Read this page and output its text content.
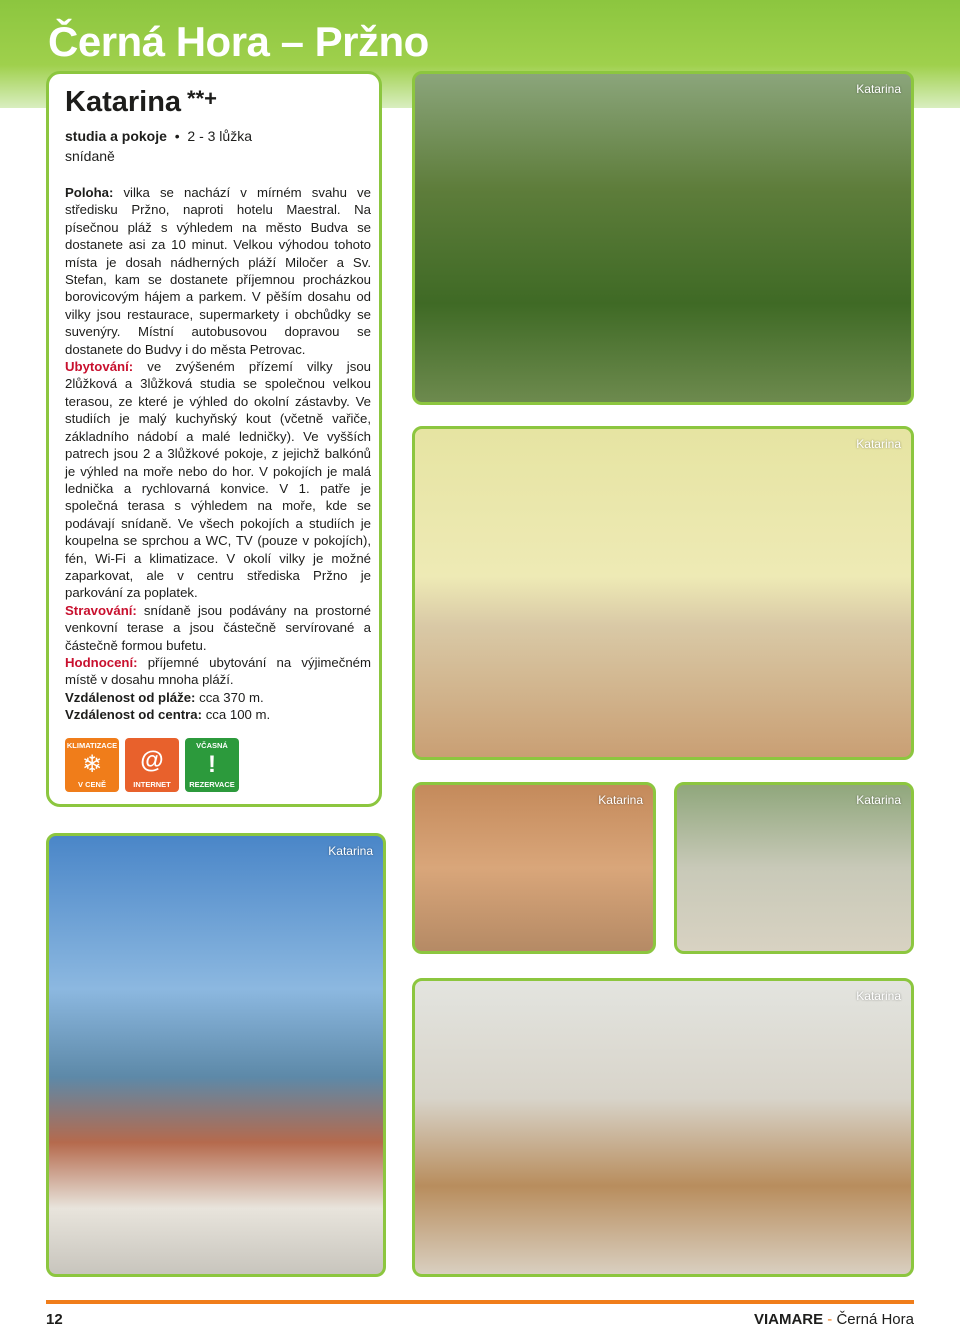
Černá Hora – Pržno
Katarina **+
studia a pokoje • 2 - 3 lůžka
snídaně

Poloha: vilka se nachází v mírném svahu ve středisku Pržno, naproti hotelu Maestral. Na písečnou pláž s výhledem na město Budva se dostanete asi za 10 minut. Velkou výhodou tohoto místa je dosah nádherných pláží Miločer a Sv. Stefan, kam se dostanete příjemnou procházkou borovicovým hájem a parkem. V pěším dosahu od vilky jsou restaurace, supermarkety i obchůdky se suvenýry. Místní autobusovou dopravou se dostanete do Budvy i do města Petrovac.

Ubytování: ve zvýšeném přízemí vilky jsou 2lůžková a 3lůžková studia se společnou velkou terasou, ze které je výhled do okolní zástavby. Ve studiích je malý kuchyňský kout (včetně vařiče, základního nádobí a malé ledničky). Ve vyšších patrech jsou 2 a 3lůžkové pokoje, z jejichž balkónů je výhled na moře nebo do hor. V pokojích je malá lednička a rychlovarná konvice. V 1. patře je společná terasa s výhledem na moře, kde se podávají snídaně. Ve všech pokojích a studiích je koupelna se sprchou a WC, TV (pouze v pokojích), fén, Wi-Fi a klimatizace. V okolí vilky je možné zaparkovat, ale v centru střediska Pržno je parkování za poplatek.

Stravování: snídaně jsou podávány na prostorné venkovní terase a jsou částečně servírované a částečně formou bufetu.

Hodnocení: příjemné ubytování na výjimečném místě v dosahu mnoha pláží.

Vzdálenost od pláže: cca 370 m.

Vzdálenost od centra: cca 100 m.

KLIMATIZACE
❄
V CENĚ
@
INTERNET
VČASNÁ
!
REZERVACE
Katarina
Katarina
Katarina	Katarina
Katarina
Katarina
12	VIAMARE - Černá Hora
